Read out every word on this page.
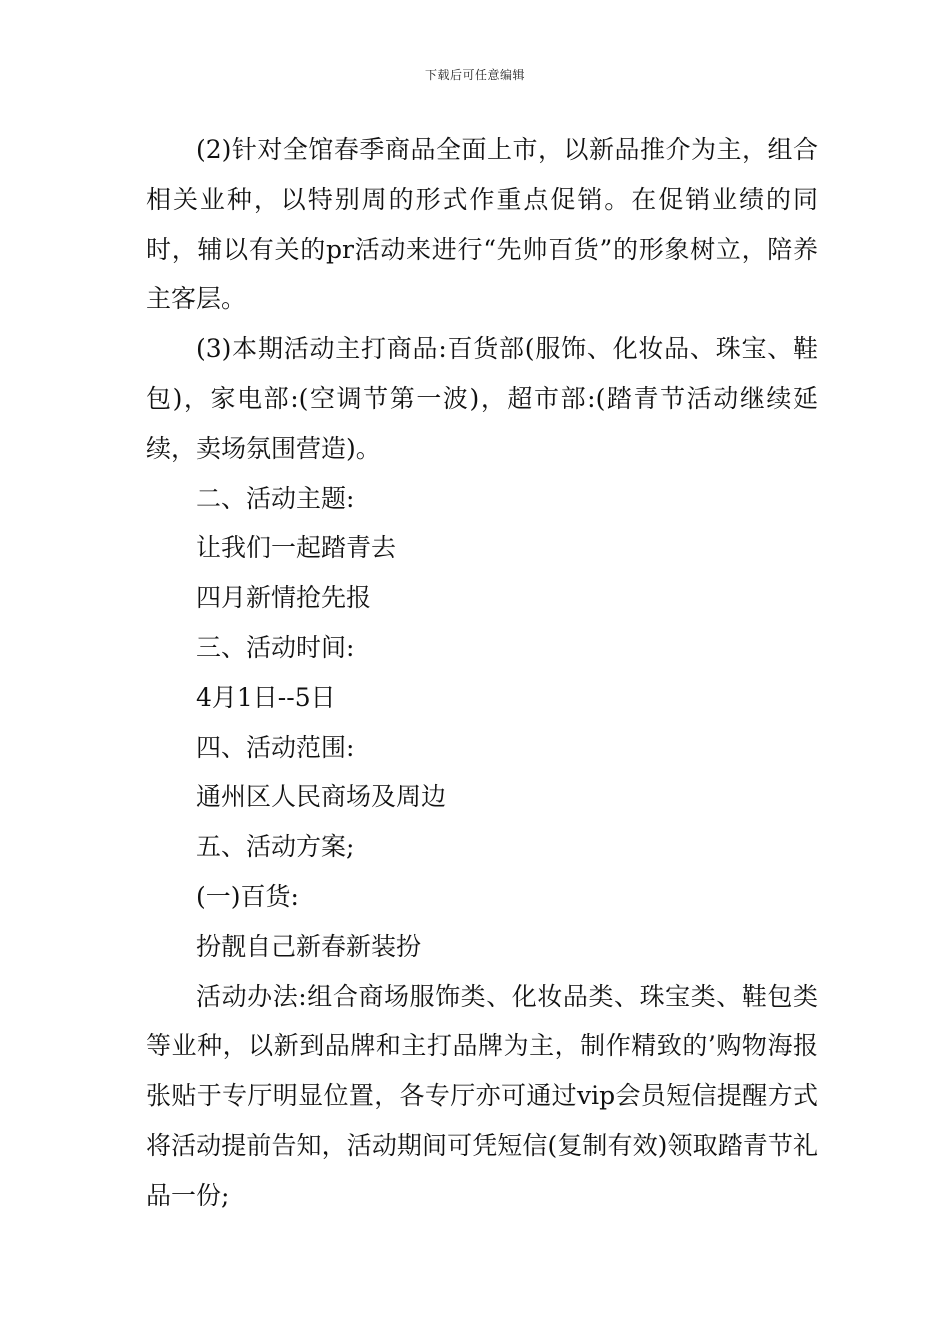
下载后可任意编辑

(2)针对全馆春季商品全面上市，以新品推介为主，组合相关业种，以特别周的形式作重点促销。在促销业绩的同时，辅以有关的pr活动来进行“先帅百货”的形象树立，陪养主客层。

(3)本期活动主打商品:百货部(服饰、化妆品、珠宝、鞋包)，家电部:(空调节第一波)，超市部:(踏青节活动继续延续，卖场氛围营造)。

二、活动主题:

让我们一起踏青去

四月新情抢先报

三、活动时间:

4月1日--5日

四、活动范围:

通州区人民商场及周边

五、活动方案;

(一)百货:

扮靓自己新春新装扮

活动办法:组合商场服饰类、化妆品类、珠宝类、鞋包类等业种，以新到品牌和主打品牌为主，制作精致的’购物海报张贴于专厅明显位置，各专厅亦可通过vip会员短信提醒方式将活动提前告知，活动期间可凭短信(复制有效)领取踏青节礼品一份;
